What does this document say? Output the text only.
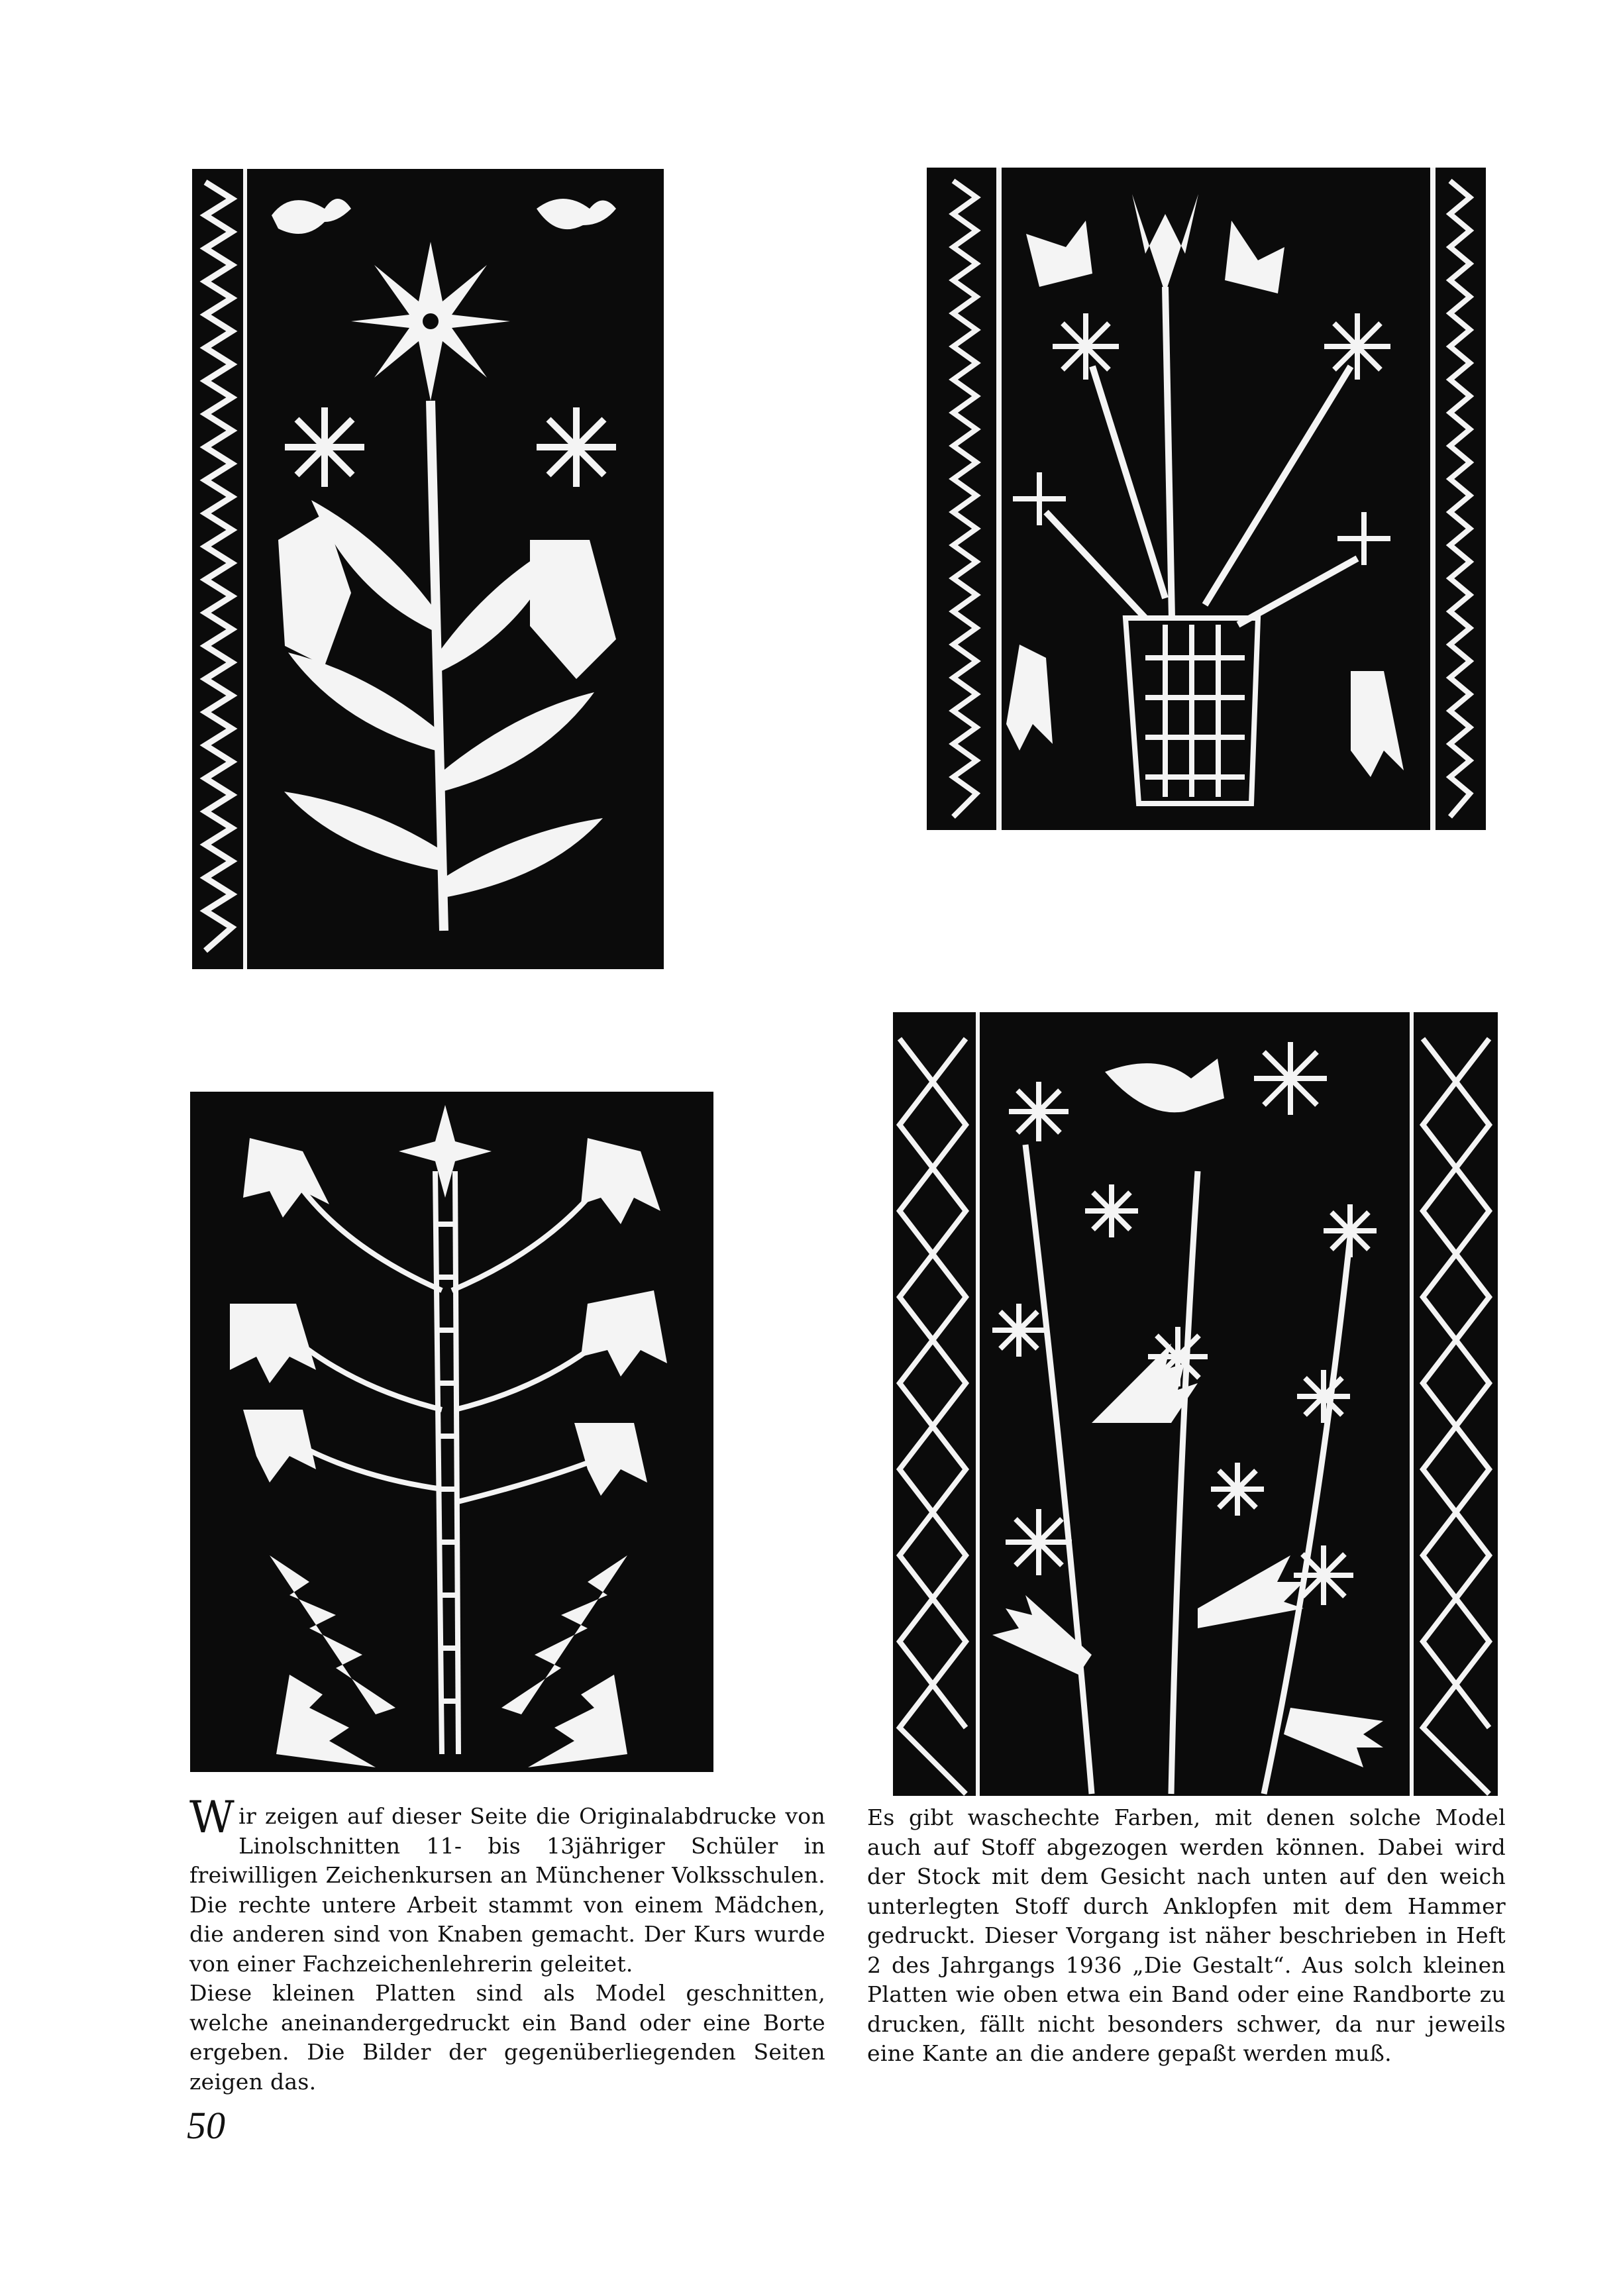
Wir zeigen auf dieser Seite die Originalabdrucke von Linolschnitten 11- bis 13jähriger Schüler in freiwilligen Zeichenkursen an Münchener Volksschulen. Die rechte untere Arbeit stammt von einem Mädchen, die anderen sind von Knaben gemacht. Der Kurs wurde von einer Fachzeichenlehrerin geleitet.

Diese kleinen Platten sind als Model geschnitten, welche aneinandergedruckt ein Band oder eine Borte ergeben. Die Bilder der gegenüberliegenden Seiten zeigen das.

Es gibt waschechte Farben, mit denen solche Model auch auf Stoff abgezogen werden können. Dabei wird der Stock mit dem Gesicht nach unten auf den weich unterlegten Stoff durch Anklopfen mit dem Hammer gedruckt. Dieser Vorgang ist näher beschrieben in Heft 2 des Jahrgangs 1936 „Die Gestalt“. Aus solch kleinen Platten wie oben etwa ein Band oder eine Randborte zu drucken, fällt nicht besonders schwer, da nur jeweils eine Kante an die andere gepaßt werden muß.

50
